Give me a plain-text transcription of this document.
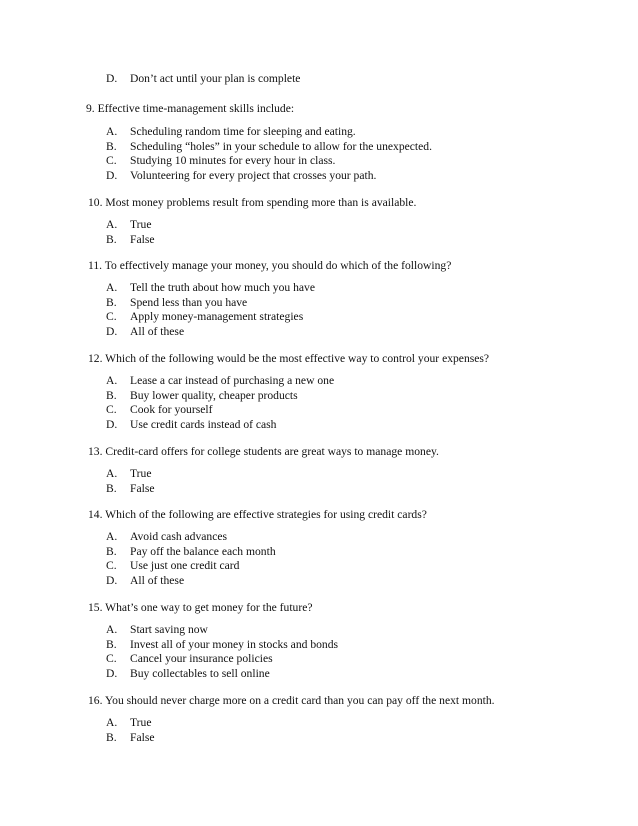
D. Don’t act until your plan is complete
9. Effective time-management skills include:
A. Scheduling random time for sleeping and eating.
B. Scheduling “holes” in your schedule to allow for the unexpected.
C. Studying 10 minutes for every hour in class.
D. Volunteering for every project that crosses your path.
10. Most money problems result from spending more than is available.
A. True
B. False
11. To effectively manage your money, you should do which of the following?
A. Tell the truth about how much you have
B. Spend less than you have
C. Apply money-management strategies
D. All of these
12. Which of the following would be the most effective way to control your expenses?
A. Lease a car instead of purchasing a new one
B. Buy lower quality, cheaper products
C. Cook for yourself
D. Use credit cards instead of cash
13. Credit-card offers for college students are great ways to manage money.
A. True
B. False
14. Which of the following are effective strategies for using credit cards?
A. Avoid cash advances
B. Pay off the balance each month
C. Use just one credit card
D. All of these
15. What’s one way to get money for the future?
A. Start saving now
B. Invest all of your money in stocks and bonds
C. Cancel your insurance policies
D. Buy collectables to sell online
16. You should never charge more on a credit card than you can pay off the next month.
A. True
B. False
